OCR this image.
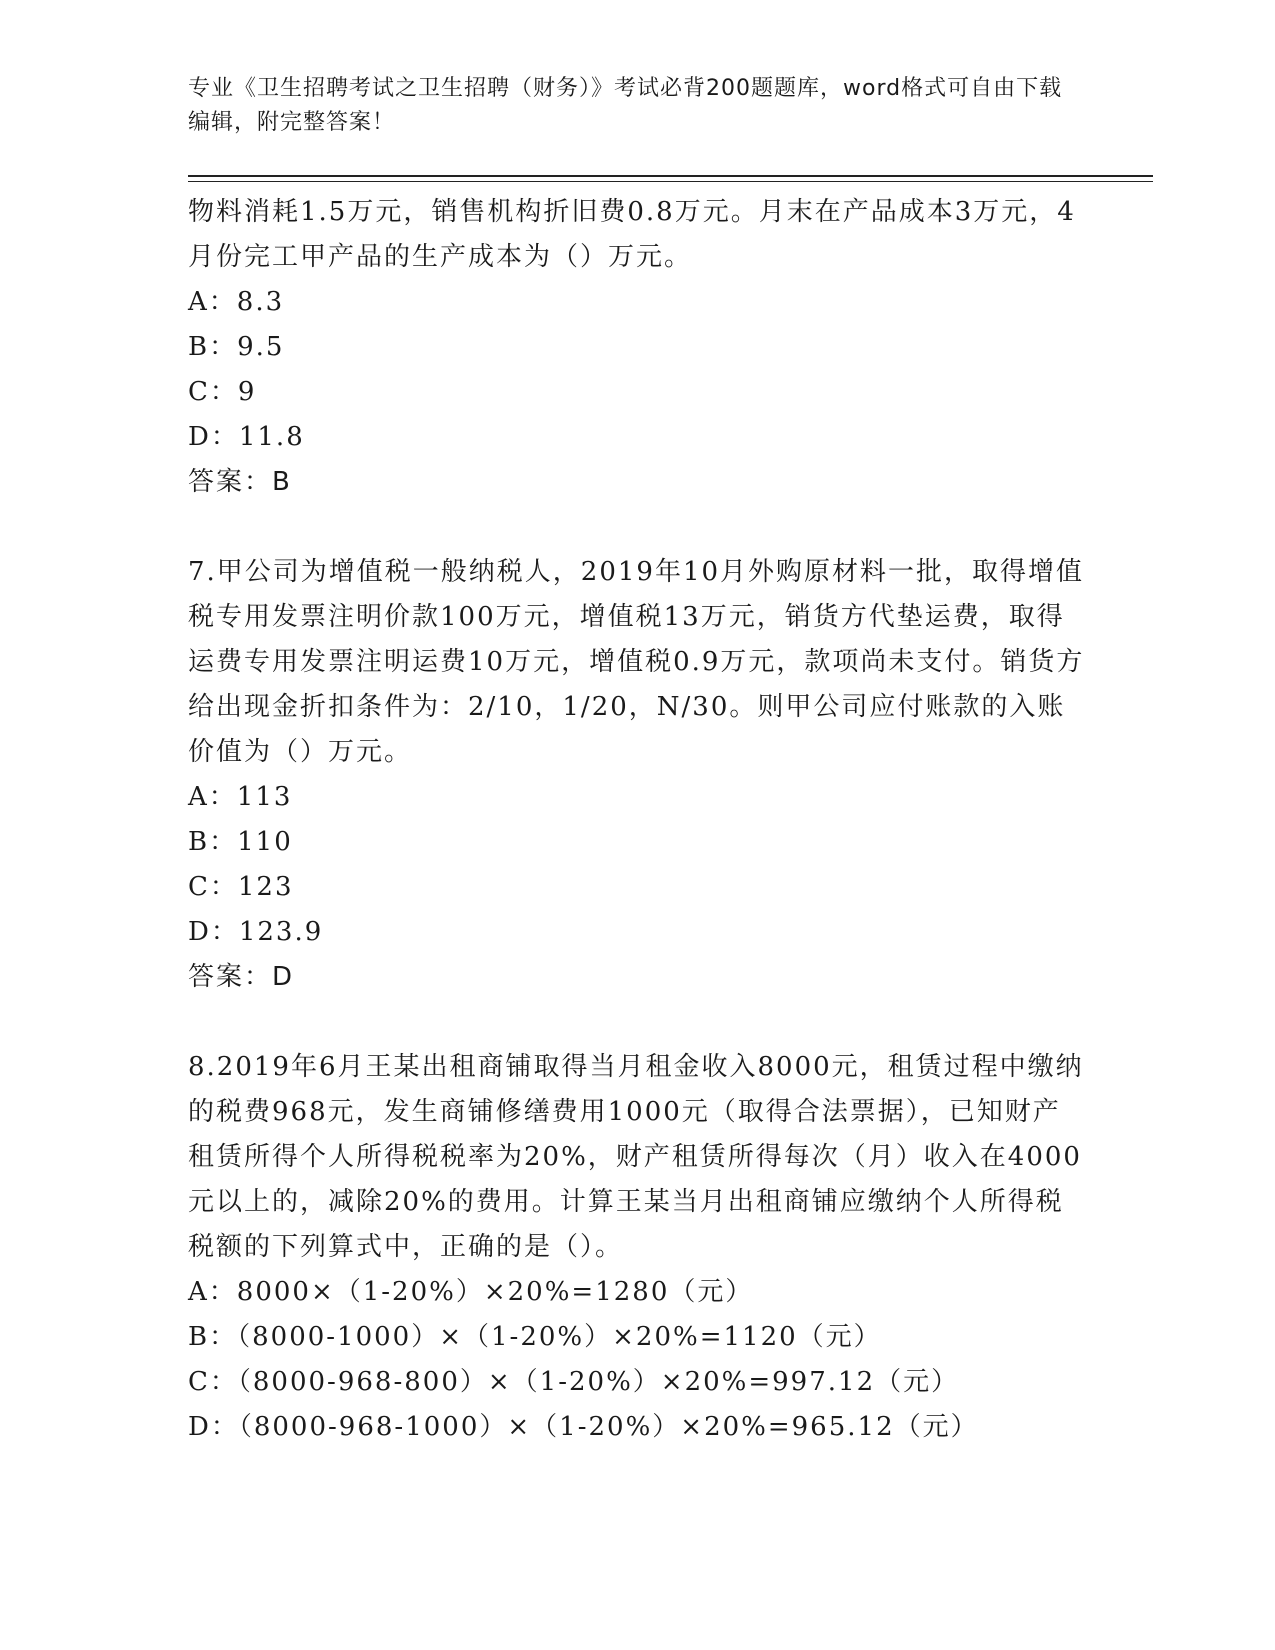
专业《卫生招聘考试之卫生招聘（财务）》考试必背200题题库，word格式可自由下载编辑，附完整答案！

物料消耗1.5万元，销售机构折旧费0.8万元。月末在产品成本3万元，4月份完工甲产品的生产成本为（）万元。

A：8.3

B：9.5

C：9

D：11.8

答案：B

7.甲公司为增值税一般纳税人，2019年10月外购原材料一批，取得增值税专用发票注明价款100万元，增值税13万元，销货方代垫运费，取得运费专用发票注明运费10万元，增值税0.9万元，款项尚未支付。销货方给出现金折扣条件为：2/10，1/20，N/30。则甲公司应付账款的入账价值为（）万元。

A：113

B：110

C：123

D：123.9

答案：D

8.2019年6月王某出租商铺取得当月租金收入8000元，租赁过程中缴纳的税费968元，发生商铺修缮费用1000元（取得合法票据），已知财产租赁所得个人所得税税率为20%，财产租赁所得每次（月）收入在4000元以上的，减除20%的费用。计算王某当月出租商铺应缴纳个人所得税税额的下列算式中，正确的是（）。

A：8000×（1-20%）×20%=1280（元）

B：（8000-1000）×（1-20%）×20%=1120（元）

C：（8000-968-800）×（1-20%）×20%=997.12（元）

D：（8000-968-1000）×（1-20%）×20%=965.12（元）
